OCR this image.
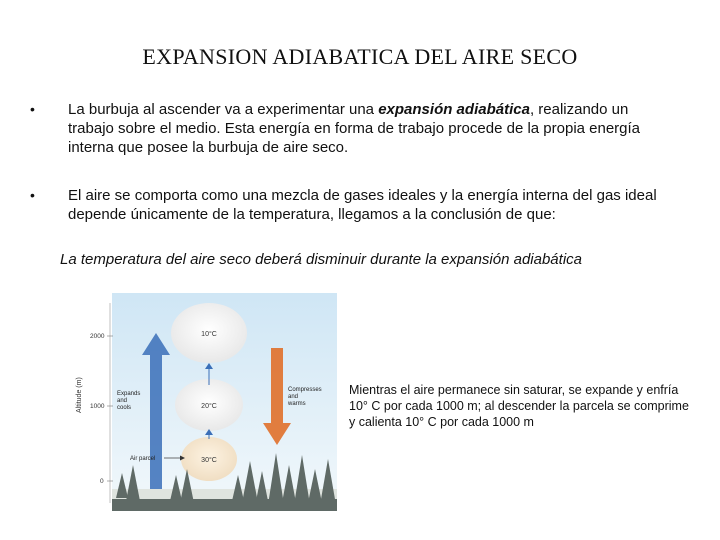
EXPANSION ADIABATICA DEL AIRE SECO
• La burbuja al ascender va a experimentar una expansión adiabática, realizando un trabajo sobre el medio. Esta energía en forma de trabajo procede de la propia energía interna que posee la burbuja de aire seco.
• El aire se comporta como una mezcla de gases ideales y la energía interna del gas ideal depende únicamente de la temperatura, llegamos a la conclusión de que:
La temperatura del aire seco deberá disminuir durante la expansión adiabática
Altitude (m)
2000
1000
0
10°C
20°C
30°C
Expands
and
cools
Compresses
and
warms
Air parcel
Mientras el aire permanece sin saturar, se expande y enfría 10° C por cada 1000 m; al descender la parcela se comprime y calienta 10° C por cada 1000 m
